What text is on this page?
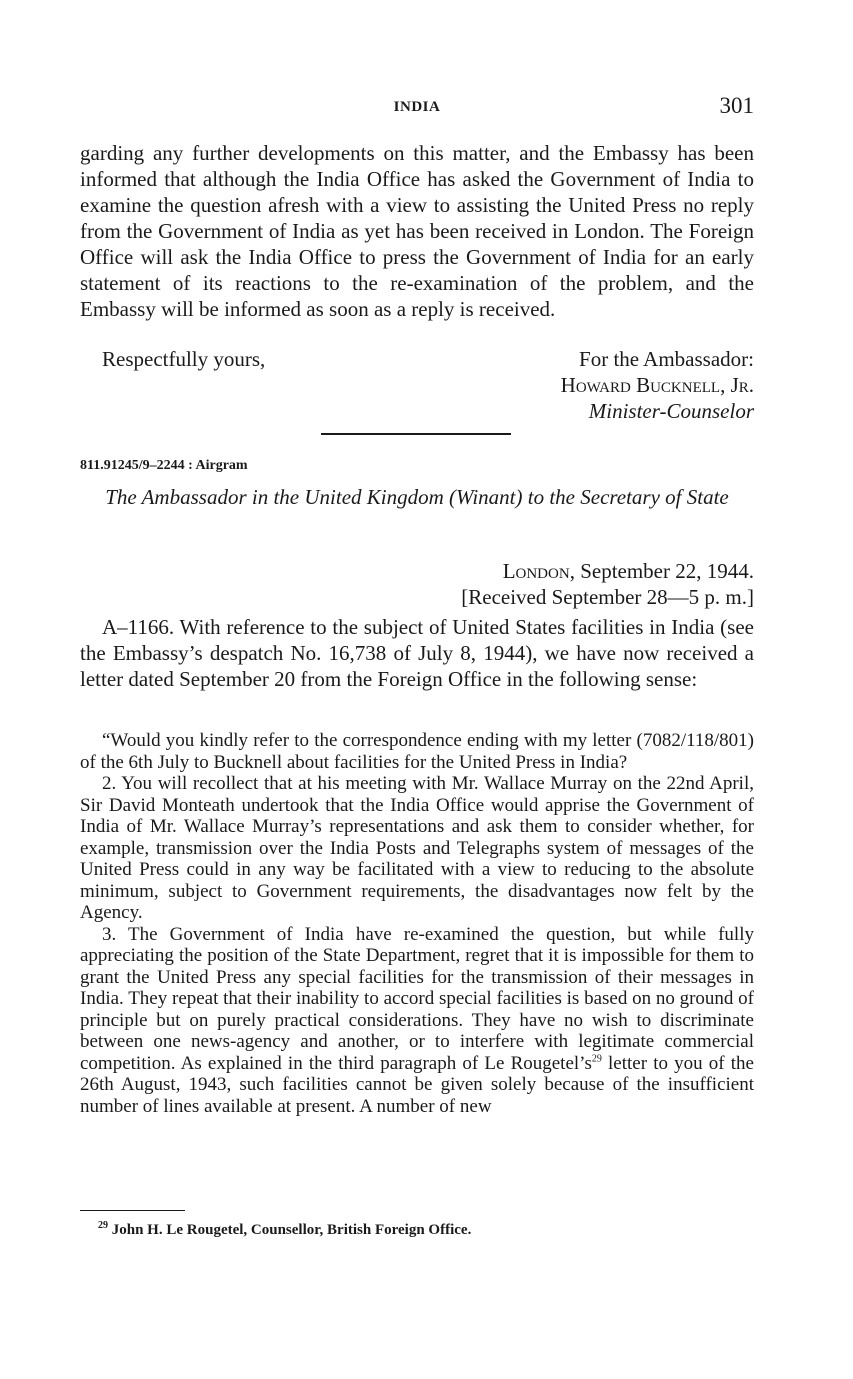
INDIA	301

garding any further developments on this matter, and the Embassy has been informed that although the India Office has asked the Government of India to examine the question afresh with a view to assisting the United Press no reply from the Government of India as yet has been received in London. The Foreign Office will ask the India Office to press the Government of India for an early statement of its reactions to the re-examination of the problem, and the Embassy will be informed as soon as a reply is received.

Respectfully yours,	For the Ambassador:
Howard Bucknell, Jr.
Minister-Counselor
811.91245/9–2244 : Airgram

The Ambassador in the United Kingdom (Winant) to the Secretary of State

London, September 22, 1944.
[Received September 28—5 p. m.]

A–1166. With reference to the subject of United States facilities in India (see the Embassy’s despatch No. 16,738 of July 8, 1944), we have now received a letter dated September 20 from the Foreign Office in the following sense:

“Would you kindly refer to the correspondence ending with my letter (7082/118/801) of the 6th July to Bucknell about facilities for the United Press in India?

2. You will recollect that at his meeting with Mr. Wallace Murray on the 22nd April, Sir David Monteath undertook that the India Office would apprise the Government of India of Mr. Wallace Murray’s representations and ask them to consider whether, for example, transmission over the India Posts and Telegraphs system of messages of the United Press could in any way be facilitated with a view to reducing to the absolute minimum, subject to Government requirements, the disadvantages now felt by the Agency.

3. The Government of India have re-examined the question, but while fully appreciating the position of the State Department, regret that it is impossible for them to grant the United Press any special facilities for the transmission of their messages in India. They repeat that their inability to accord special facilities is based on no ground of principle but on purely practical considerations. They have no wish to discriminate between one news-agency and another, or to interfere with legitimate commercial competition. As explained in the third paragraph of Le $Rougetel’s^{29}$ letter to you of the 26th August, 1943, such facilities cannot be given solely because of the insufficient number of lines available at present. A number of new

$^{29}$ John H. Le Rougetel, Counsellor, British Foreign Office.
